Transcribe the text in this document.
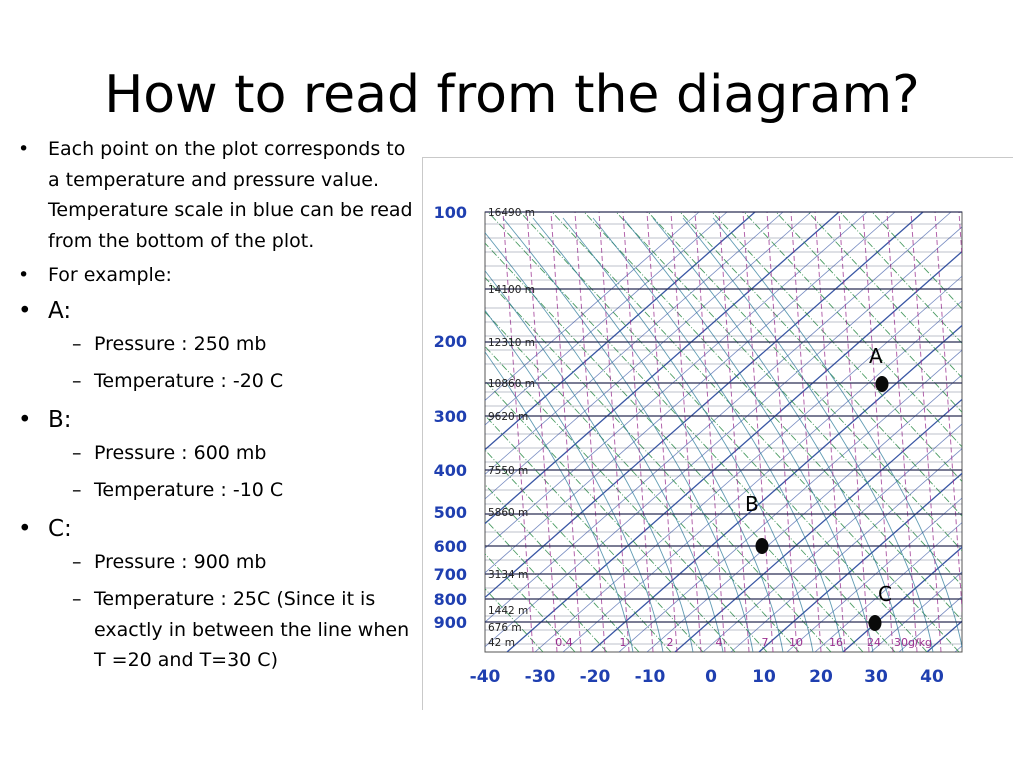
How to read from the diagram?
• Each point on the plot corresponds to a temperature and pressure value. Temperature scale in blue can be read from the bottom of the plot.
• For example:
• A:
– Pressure : 250 mb
– Temperature : -20 C
• B:
– Pressure : 600 mb
– Temperature : -10 C
• C:
– Pressure : 900 mb
– Temperature : 25C (Since it is exactly in between the line when T =20 and T=30 C)
100
200
300
400
500
600
700
800
900
16490 m
14100 m
12310 m
10860 m
9620 m
7550 m
5860 m
3134 m
1442 m
676 m
42 m	0.4	1	2	4	7 10 16 24 30g/kg
-40 -30 -20 -10 0 10 20 30 40
A
B
C
